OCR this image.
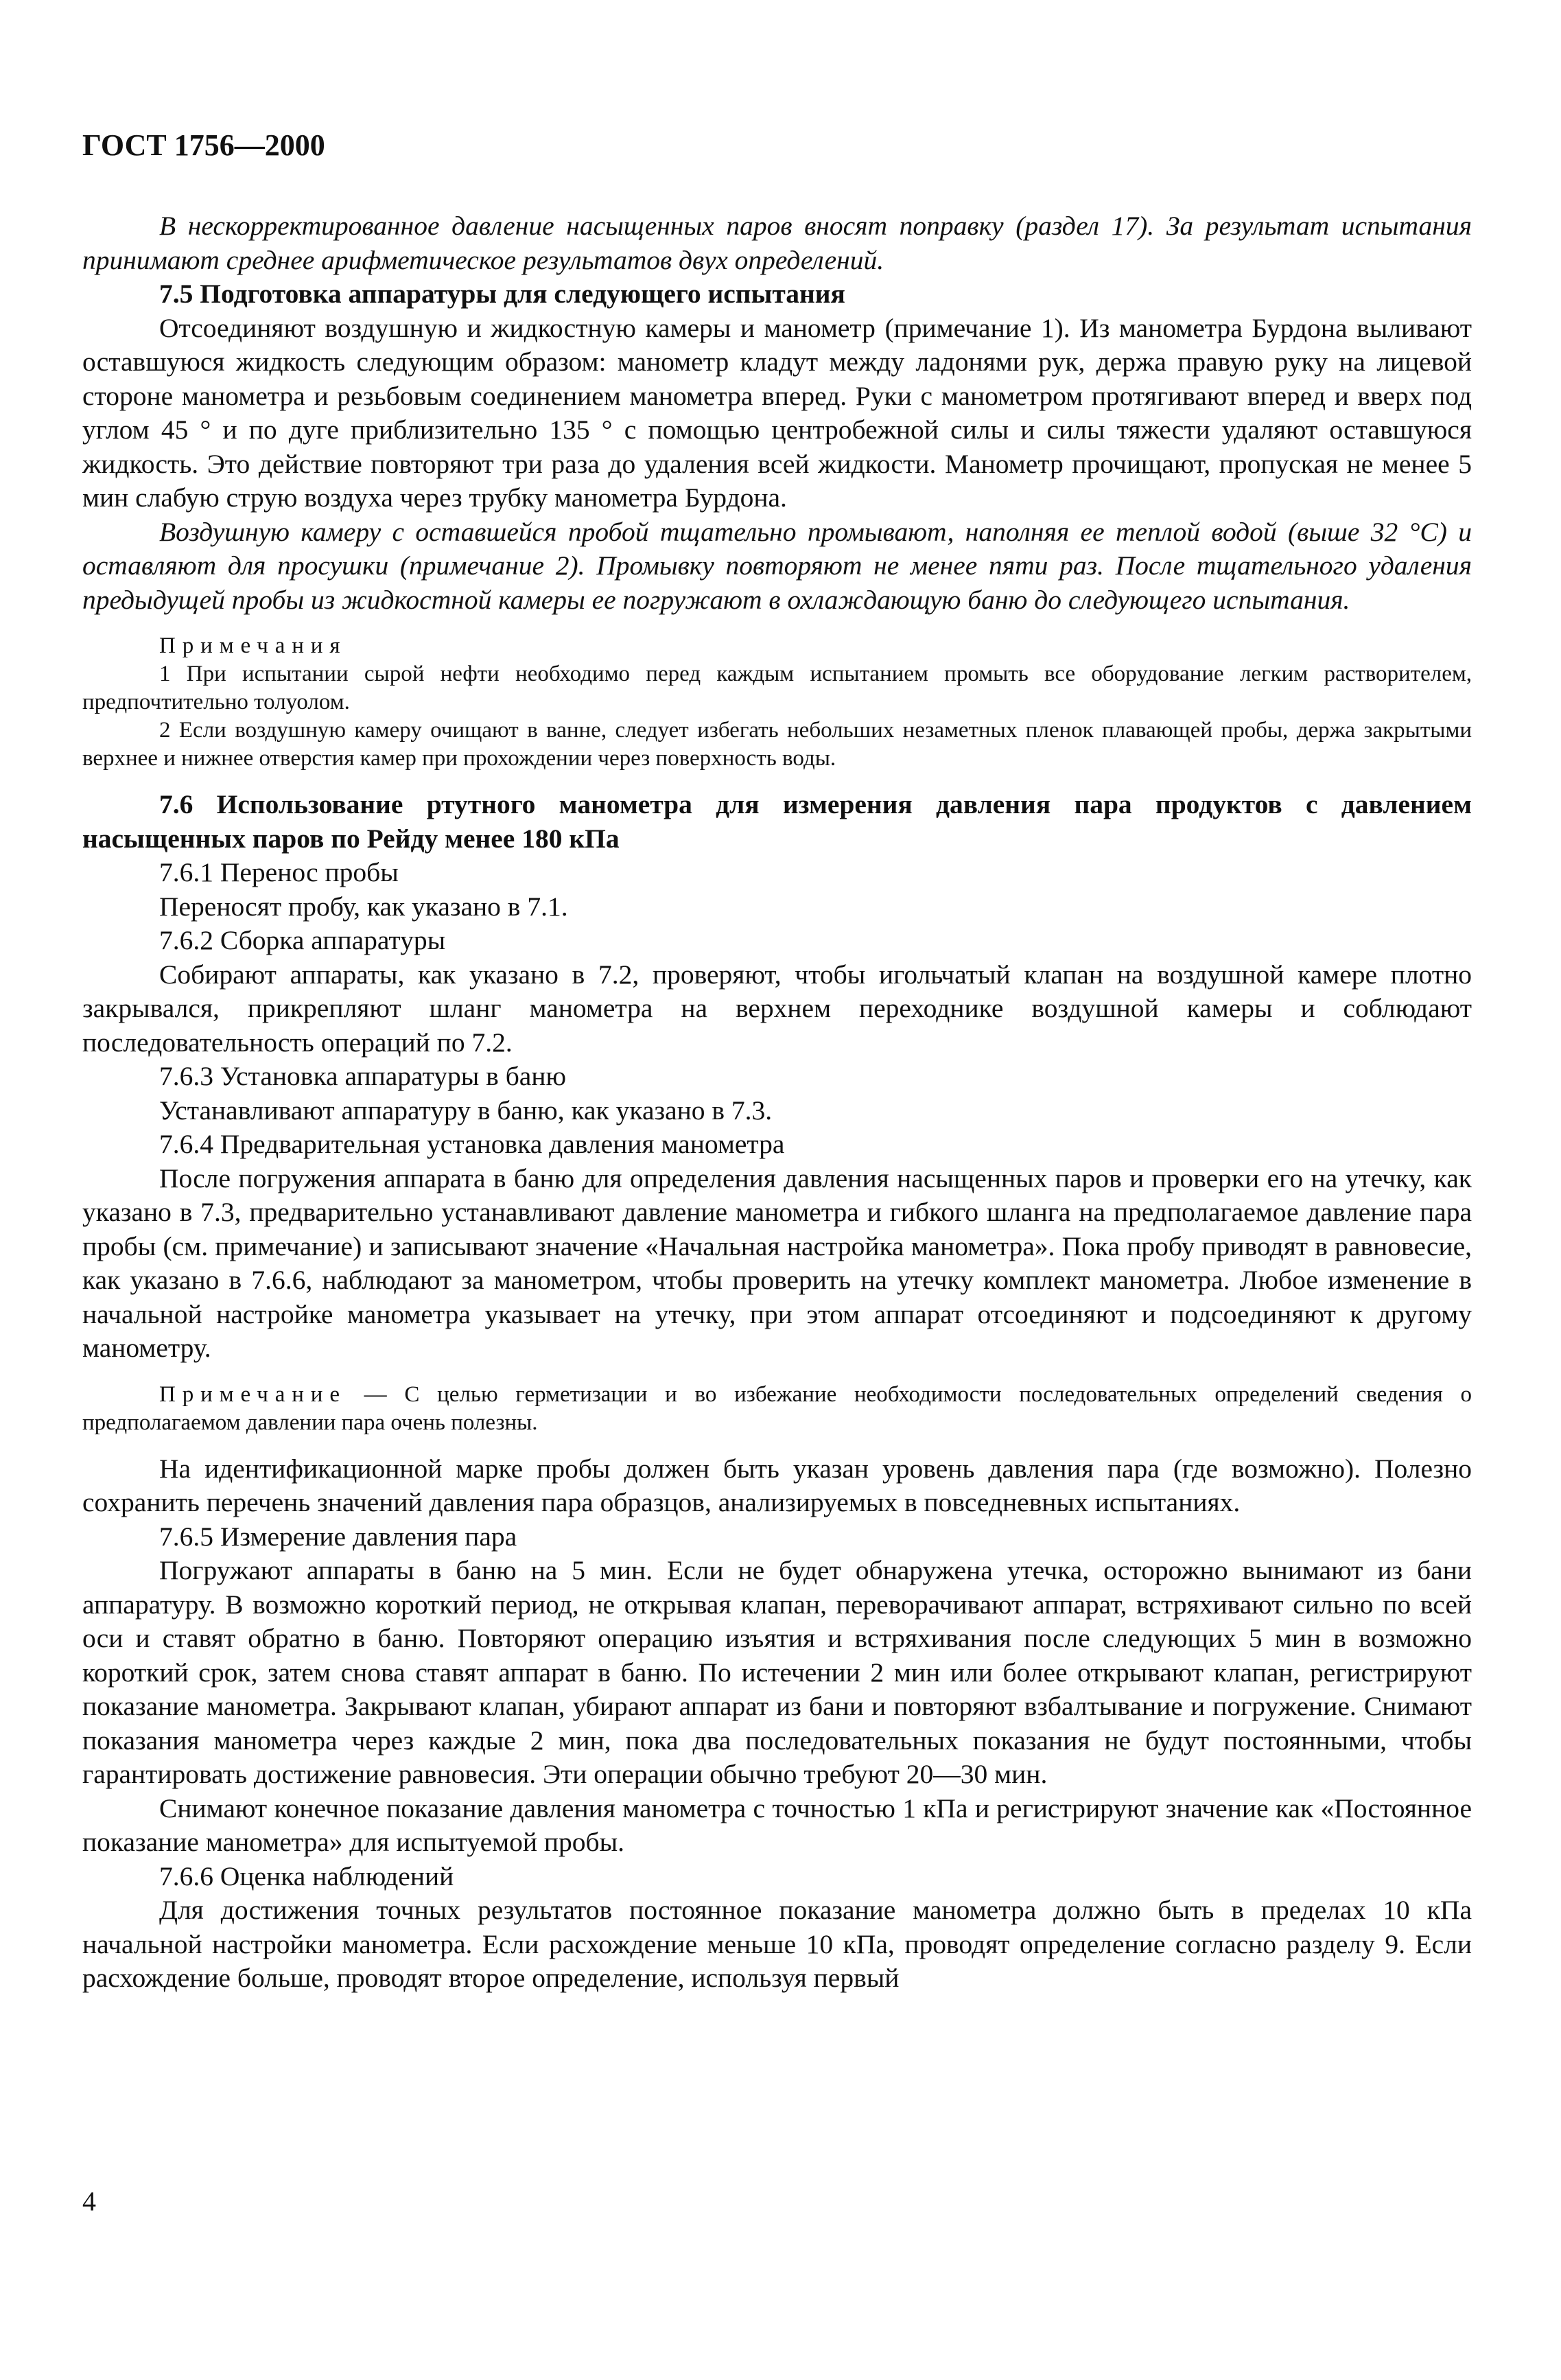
ГОСТ 1756—2000

В нескорректированное давление насыщенных паров вносят поправку (раздел 17). За результат испытания принимают среднее арифметическое результатов двух определений.

7.5 Подготовка аппаратуры для следующего испытания

Отсоединяют воздушную и жидкостную камеры и манометр (примечание 1). Из манометра Бурдона выливают оставшуюся жидкость следующим образом: манометр кладут между ладонями рук, держа правую руку на лицевой стороне манометра и резьбовым соединением манометра вперед. Руки с манометром протягивают вперед и вверх под углом 45 ° и по дуге приблизительно 135 ° с помощью центробежной силы и силы тяжести удаляют оставшуюся жидкость. Это действие повторяют три раза до удаления всей жидкости. Манометр прочищают, пропуская не менее 5 мин слабую струю воздуха через трубку манометра Бурдона.

Воздушную камеру с оставшейся пробой тщательно промывают, наполняя ее теплой водой (выше 32 °С) и оставляют для просушки (примечание 2). Промывку повторяют не менее пяти раз. После тщательного удаления предыдущей пробы из жидкостной камеры ее погружают в охлаждающую баню до следующего испытания.

Примечания

1 При испытании сырой нефти необходимо перед каждым испытанием промыть все оборудование легким растворителем, предпочтительно толуолом.

2 Если воздушную камеру очищают в ванне, следует избегать небольших незаметных пленок плавающей пробы, держа закрытыми верхнее и нижнее отверстия камер при прохождении через поверхность воды.

7.6 Использование ртутного манометра для измерения давления пара продуктов с давлением насыщенных паров по Рейду менее 180 кПа

7.6.1 Перенос пробы

Переносят пробу, как указано в 7.1.

7.6.2 Сборка аппаратуры

Собирают аппараты, как указано в 7.2, проверяют, чтобы игольчатый клапан на воздушной камере плотно закрывался, прикрепляют шланг манометра на верхнем переходнике воздушной камеры и соблюдают последовательность операций по 7.2.

7.6.3 Установка аппаратуры в баню

Устанавливают аппаратуру в баню, как указано в 7.3.

7.6.4 Предварительная установка давления манометра

После погружения аппарата в баню для определения давления насыщенных паров и проверки его на утечку, как указано в 7.3, предварительно устанавливают давление манометра и гибкого шланга на предполагаемое давление пара пробы (см. примечание) и записывают значение «Начальная настройка манометра». Пока пробу приводят в равновесие, как указано в 7.6.6, наблюдают за манометром, чтобы проверить на утечку комплект манометра. Любое изменение в начальной настройке манометра указывает на утечку, при этом аппарат отсоединяют и подсоединяют к другому манометру.

Примечание — С целью герметизации и во избежание необходимости последовательных определений сведения о предполагаемом давлении пара очень полезны.

На идентификационной марке пробы должен быть указан уровень давления пара (где возможно). Полезно сохранить перечень значений давления пара образцов, анализируемых в повседневных испытаниях.

7.6.5 Измерение давления пара

Погружают аппараты в баню на 5 мин. Если не будет обнаружена утечка, осторожно вынимают из бани аппаратуру. В возможно короткий период, не открывая клапан, переворачивают аппарат, встряхивают сильно по всей оси и ставят обратно в баню. Повторяют операцию изъятия и встряхивания после следующих 5 мин в возможно короткий срок, затем снова ставят аппарат в баню. По истечении 2 мин или более открывают клапан, регистрируют показание манометра. Закрывают клапан, убирают аппарат из бани и повторяют взбалтывание и погружение. Снимают показания манометра через каждые 2 мин, пока два последовательных показания не будут постоянными, чтобы гарантировать достижение равновесия. Эти операции обычно требуют 20—30 мин.

Снимают конечное показание давления манометра с точностью 1 кПа и регистрируют значение как «Постоянное показание манометра» для испытуемой пробы.

7.6.6 Оценка наблюдений

Для достижения точных результатов постоянное показание манометра должно быть в пределах 10 кПа начальной настройки манометра. Если расхождение меньше 10 кПа, проводят определение согласно разделу 9. Если расхождение больше, проводят второе определение, используя первый

4
